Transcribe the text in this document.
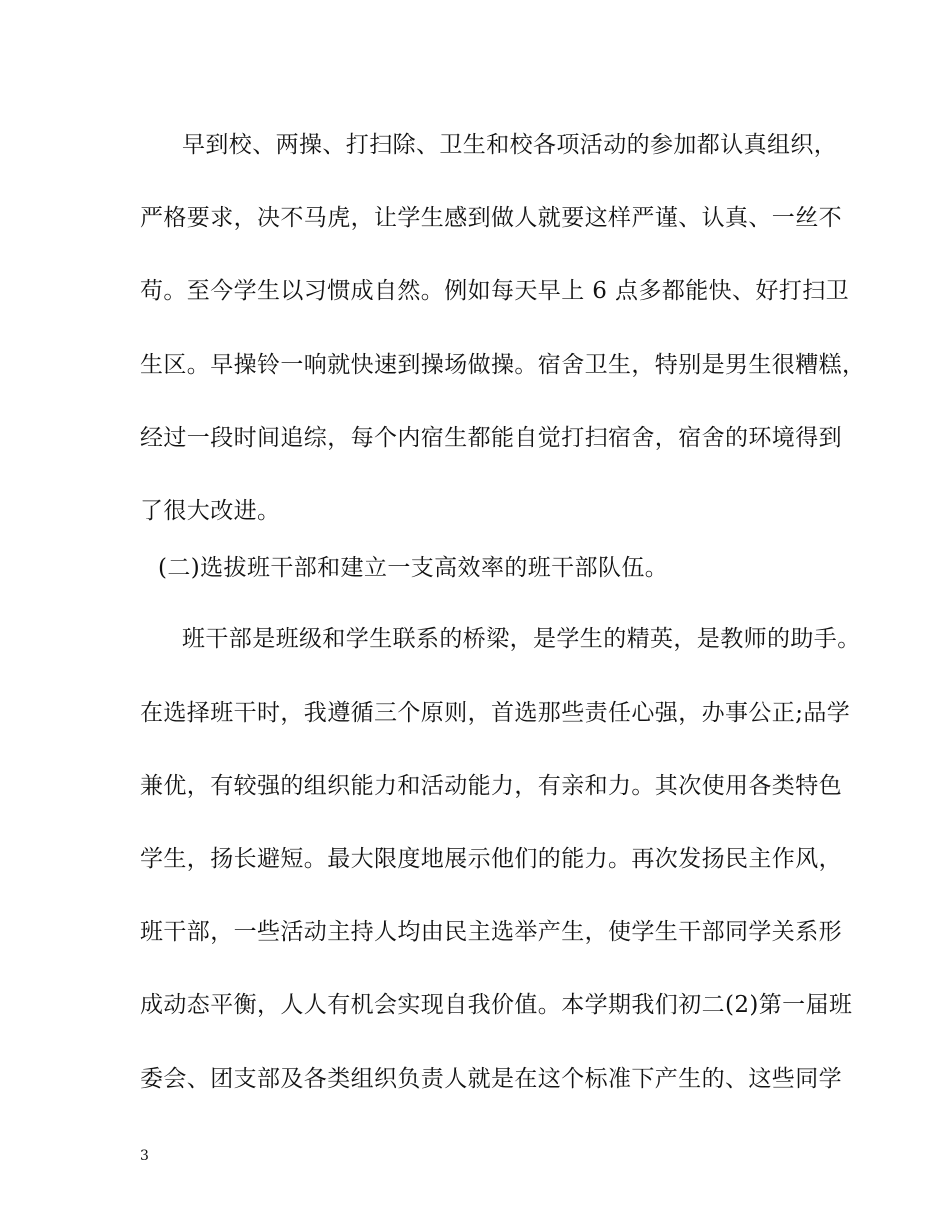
早到校、两操、打扫除、卫生和校各项活动的参加都认真组织，
严格要求，决不马虎，让学生感到做人就要这样严谨、认真、一丝不
苟。至今学生以习惯成自然。例如每天早上 6 点多都能快、好打扫卫
生区。早操铃一响就快速到操场做操。宿舍卫生，特别是男生很糟糕，
经过一段时间追综，每个内宿生都能自觉打扫宿舍，宿舍的环境得到
了很大改进。
(二)选拔班干部和建立一支高效率的班干部队伍。
班干部是班级和学生联系的桥梁，是学生的精英，是教师的助手。
在选择班干时，我遵循三个原则，首选那些责任心强，办事公正;品学
兼优，有较强的组织能力和活动能力，有亲和力。其次使用各类特色
学生，扬长避短。最大限度地展示他们的能力。再次发扬民主作风，
班干部，一些活动主持人均由民主选举产生，使学生干部同学关系形
成动态平衡，人人有机会实现自我价值。本学期我们初二(2)第一届班
委会、团支部及各类组织负责人就是在这个标准下产生的、这些同学
3
